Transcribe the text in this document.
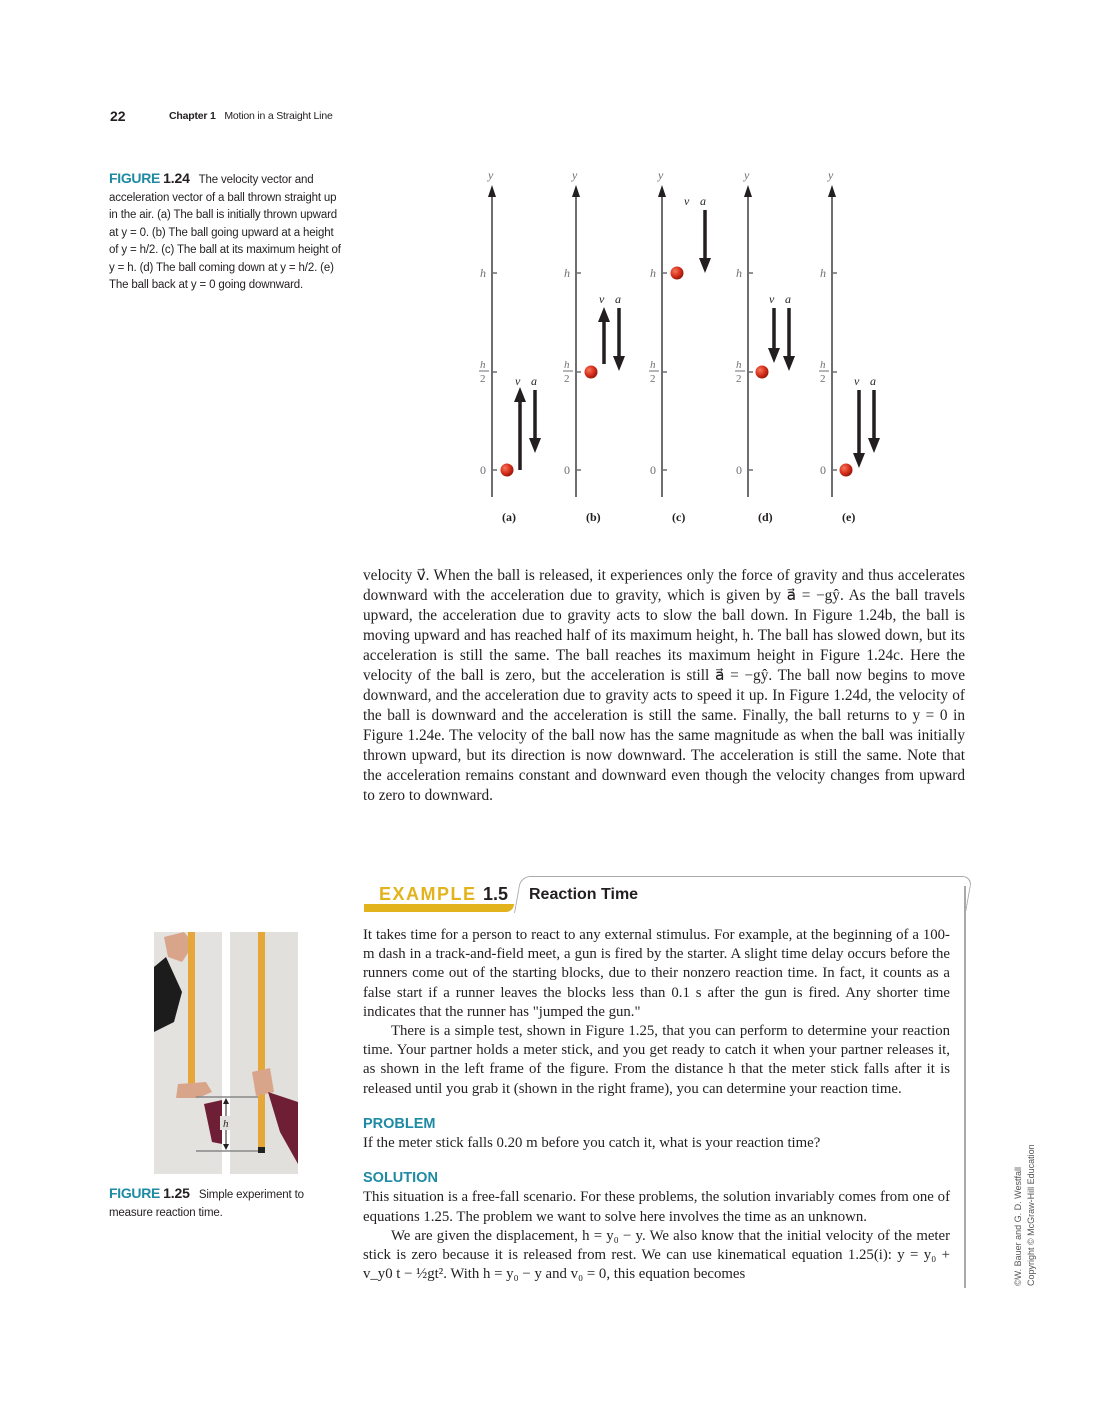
22	Chapter 1 Motion in a Straight Line
FIGURE 1.24 The velocity vector and acceleration vector of a ball thrown straight up in the air. (a) The ball is initially thrown upward at y = 0. (b) The ball going upward at a height of y = h/2. (c) The ball at its maximum height of y = h. (d) The ball coming down at y = h/2. (e) The ball back at y = 0 going downward.
y
h
h
2
0
v⃗ a⃗
(a)
y
h
h
2
0
v⃗ a⃗
(b)
y
h
h
2
0
v⃗ a⃗
(c)
y
h
h
2
0
v⃗ a⃗
(d)
y
h
h
2
0
v⃗ a⃗
(e)

velocity v⃗. When the ball is released, it experiences only the force of gravity and thus accelerates downward with the acceleration due to gravity, which is given by a⃗ = −gŷ. As the ball travels upward, the acceleration due to gravity acts to slow the ball down. In Figure 1.24b, the ball is moving upward and has reached half of its maximum height, h. The ball has slowed down, but its acceleration is still the same. The ball reaches its maximum height in Figure 1.24c. Here the velocity of the ball is zero, but the acceleration is still a⃗ = −gŷ. The ball now begins to move downward, and the acceleration due to gravity acts to speed it up. In Figure 1.24d, the velocity of the ball is downward and the acceleration is still the same. Finally, the ball returns to y = 0 in Figure 1.24e. The velocity of the ball now has the same magnitude as when the ball was initially thrown upward, but its direction is now downward. The acceleration is still the same. Note that the acceleration remains constant and downward even though the velocity changes from upward to zero to downward.

EXAMPLE 1.5 Reaction Time

It takes time for a person to react to any external stimulus. For example, at the beginning of a 100-m dash in a track-and-field meet, a gun is fired by the starter. A slight time delay occurs before the runners come out of the starting blocks, due to their nonzero reaction time. In fact, it counts as a false start if a runner leaves the blocks less than 0.1 s after the gun is fired. Any shorter time indicates that the runner has "jumped the gun."

There is a simple test, shown in Figure 1.25, that you can perform to determine your reaction time. Your partner holds a meter stick, and you get ready to catch it when your partner releases it, as shown in the left frame of the figure. From the distance h that the meter stick falls after it is released until you grab it (shown in the right frame), you can determine your reaction time.

PROBLEM

If the meter stick falls 0.20 m before you catch it, what is your reaction time?

SOLUTION

This situation is a free-fall scenario. For these problems, the solution invariably comes from one of equations 1.25. The problem we want to solve here involves the time as an unknown.

We are given the displacement, h = y₀ − y. We also know that the initial velocity of the meter stick is zero because it is released from rest. We can use kinematical equation 1.25(i): y = y₀ + v_y0 t − ½gt². With h = y₀ − y and v₀ = 0, this equation becomes

h
FIGURE 1.25 Simple experiment to measure reaction time.	©W. Bauer and G. D. Westfall Copyright © McGraw-Hill Education
